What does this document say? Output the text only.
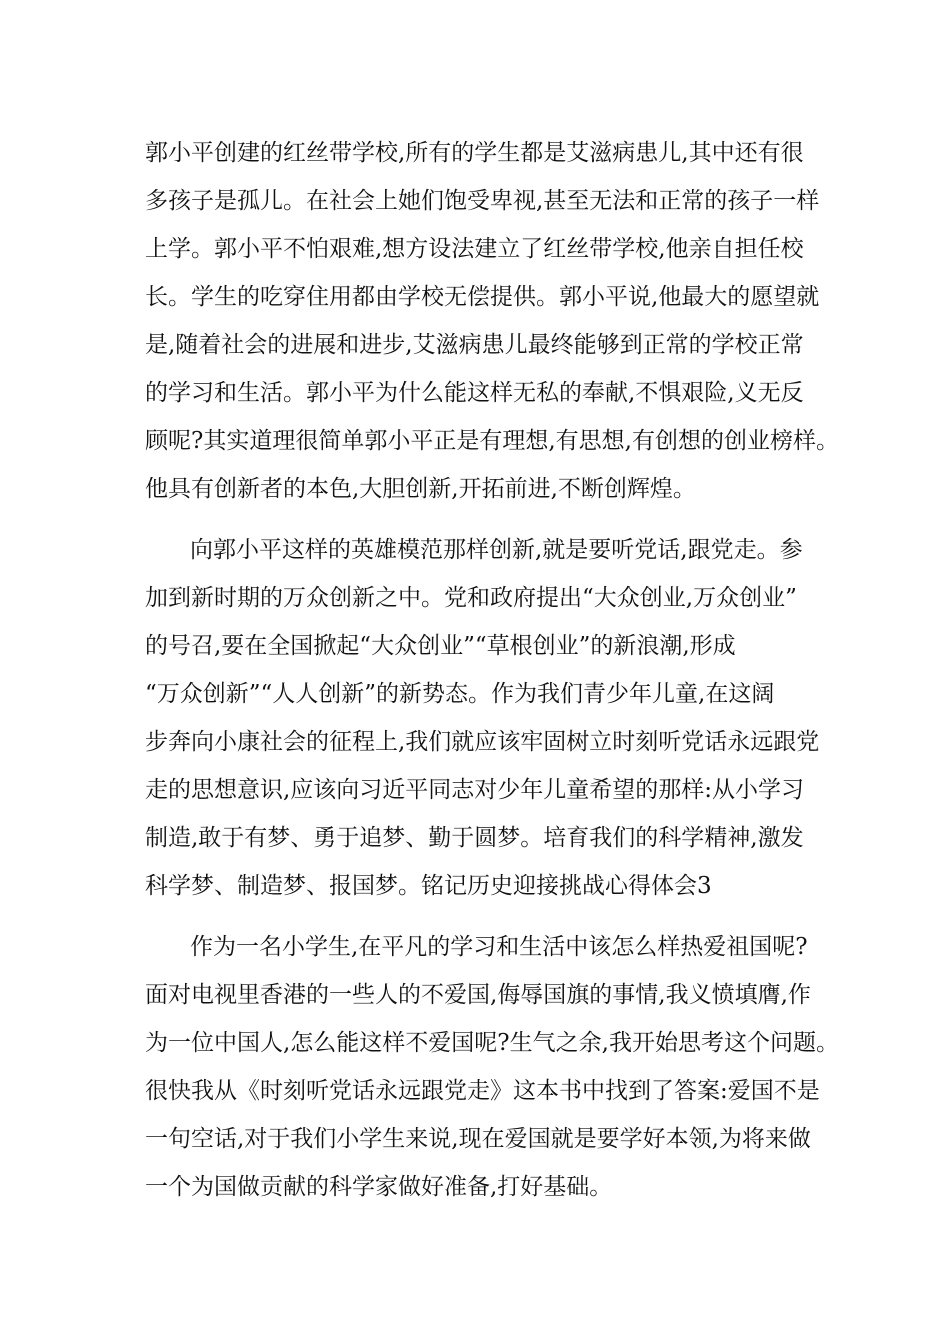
郭小平创建的红丝带学校,所有的学生都是艾滋病患儿,其中还有很
多孩子是孤儿。在社会上她们饱受卑视,甚至无法和正常的孩子一样
上学。郭小平不怕艰难,想方设法建立了红丝带学校,他亲自担任校
长。学生的吃穿住用都由学校无偿提供。郭小平说,他最大的愿望就
是,随着社会的进展和进步,艾滋病患儿最终能够到正常的学校正常
的学习和生活。郭小平为什么能这样无私的奉献,不惧艰险,义无反
顾呢?其实道理很简单郭小平正是有理想,有思想,有创想的创业榜样。
他具有创新者的本色,大胆创新,开拓前进,不断创辉煌。
向郭小平这样的英雄模范那样创新,就是要听党话,跟党走。参
加到新时期的万众创新之中。党和政府提出“大众创业,万众创业”
的号召,要在全国掀起“大众创业”“草根创业”的新浪潮,形成
“万众创新”“人人创新”的新势态。作为我们青少年儿童,在这阔
步奔向小康社会的征程上,我们就应该牢固树立时刻听党话永远跟党
走的思想意识,应该向习近平同志对少年儿童希望的那样:从小学习
制造,敢于有梦、勇于追梦、勤于圆梦。培育我们的科学精神,激发
科学梦、制造梦、报国梦。铭记历史迎接挑战心得体会3
作为一名小学生,在平凡的学习和生活中该怎么样热爱祖国呢?
面对电视里香港的一些人的不爱国,侮辱国旗的事情,我义愤填膺,作
为一位中国人,怎么能这样不爱国呢?生气之余,我开始思考这个问题。
很快我从《时刻听党话永远跟党走》这本书中找到了答案:爱国不是
一句空话,对于我们小学生来说,现在爱国就是要学好本领,为将来做
一个为国做贡献的科学家做好准备,打好基础。
